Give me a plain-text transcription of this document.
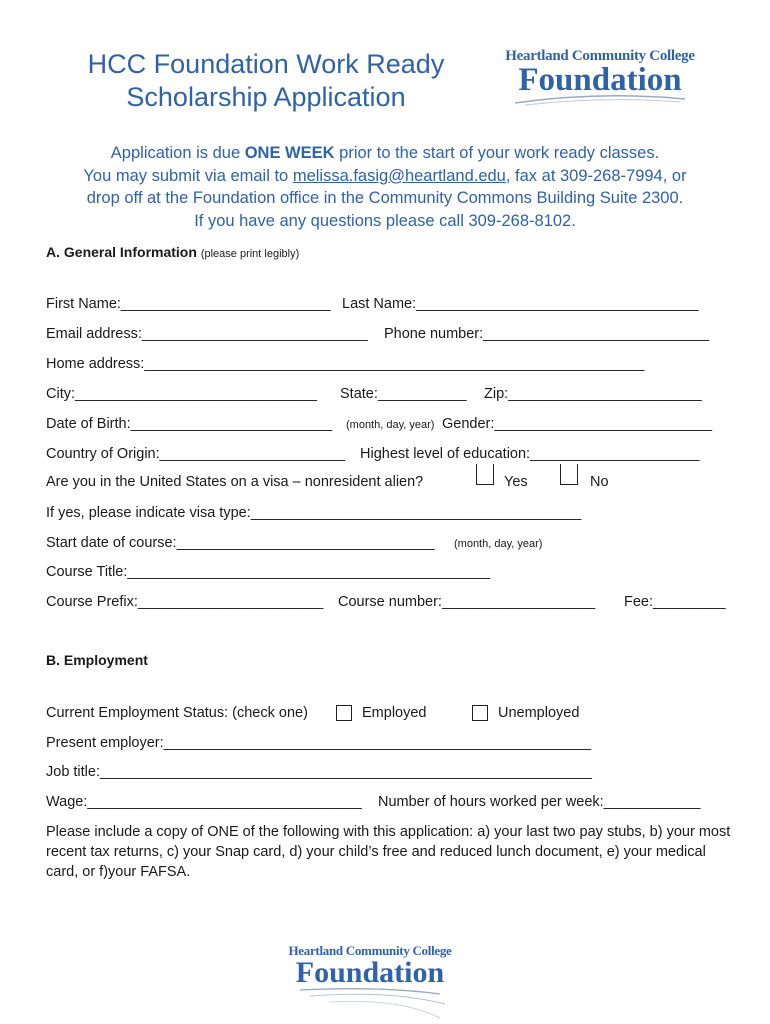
HCC Foundation Work Ready
Scholarship Application
Heartland Community College
Foundation
Application is due ONE WEEK prior to the start of your work ready classes.
You may submit via email to melissa.fasig@heartland.edu, fax at 309-268-7994, or
drop off at the Foundation office in the Community Commons Building Suite 2300.
If you have any questions please call 309-268-8102.
A. General Information (please print legibly)
First Name:__________________________ Last Name:___________________________________
Email address:____________________________ Phone number:____________________________
Home address:______________________________________________________________
City:______________________________ State:___________ Zip:________________________
Date of Birth:_________________________ (month, day, year) Gender:___________________________
Country of Origin:_______________________ Highest level of education:_____________________
Are you in the United States on a visa – nonresident alien?	Yes	No
If yes, please indicate visa type:_________________________________________
Start date of course:________________________________ (month, day, year)
Course Title:_____________________________________________
Course Prefix:_______________________ Course number:___________________ Fee:_________
B. Employment
Current Employment Status: (check one)	Employed	Unemployed
Present employer:_____________________________________________________
Job title:_____________________________________________________________
Wage:__________________________________ Number of hours worked per week:____________
Please include a copy of ONE of the following with this application: a) your last two pay stubs, b) your most recent tax returns, c) your Snap card, d) your child’s free and reduced lunch document, e) your medical card, or f)your FAFSA.
Heartland Community College
Foundation
